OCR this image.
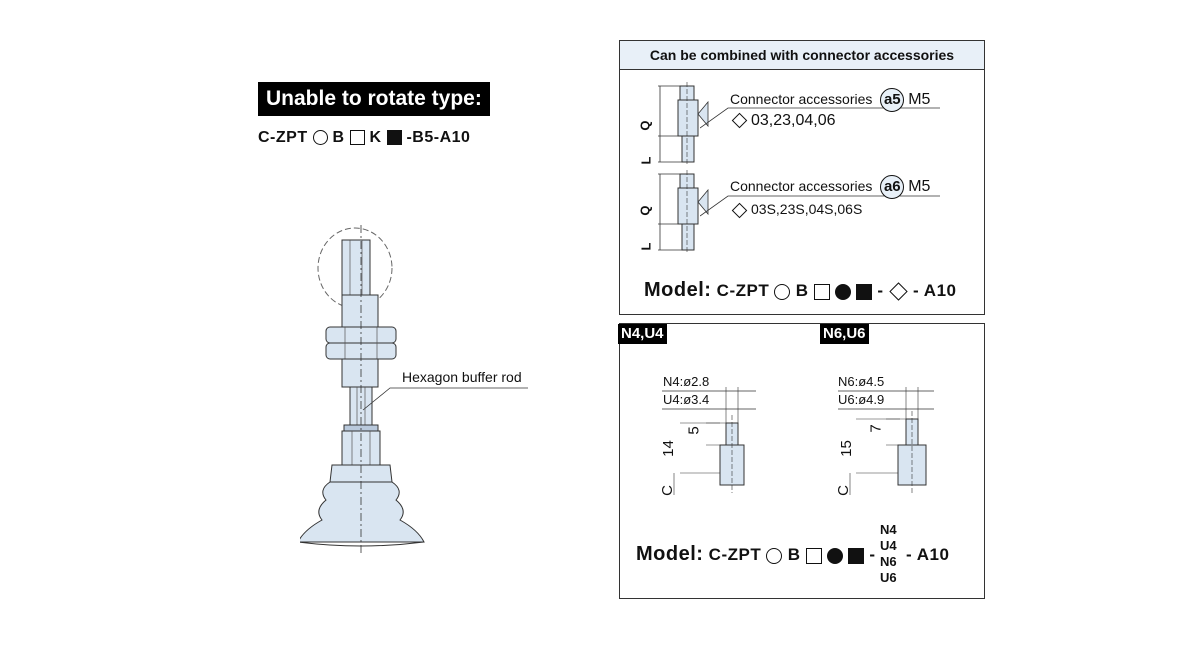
Unable to rotate type:
C-ZPT B K -B5-A10
Hexagon buffer rod
Can be combined with connector accessories
Q
L
Connector accessories a5 M5
03,23,04,06
Q
L
Connector accessories a6 M5
03S,23S,04S,06S
Model: C-ZPT B	- - A10
N4,U4	N6,U6
N4:ø2.8
U4:ø3.4
5
14
C
N6:ø4.5
U6:ø4.9
7
15
C
Model: C-ZPT B	-
N4
U4
N6
U6
- A10
